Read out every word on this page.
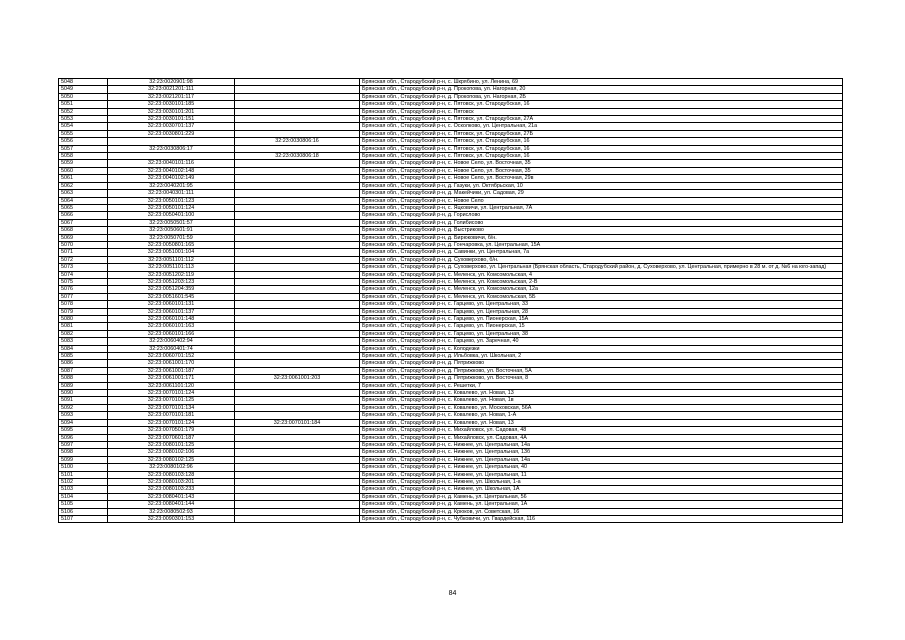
5048	32:23:0020901:98		Брянская обл., Стародубский р-н, с. Шкрябино, ул. Ленина, 69
5049	32:23:0021201:111		Брянская обл., Стародубский р-н, д. Прокопова, ул. Нагорная, 20
5050	32:23:0021201:117		Брянская обл., Стародубский р-н, д. Прокопова, ул. Нагорная, 2Б
5051	32:23:0030101:185		Брянская обл., Стародубский р-н, с. Пятовск, ул. Стародубская, 16
5052	32:23:0030101:201		Брянская обл., Стародубский р-н, с. Пятовск
5053	32:23:0030101:151		Брянская обл., Стародубский р-н, с. Пятовск, ул. Стародубская, 27А
5054	32:23:0030701:137		Брянская обл., Стародубский р-н, с. Осколково, ул. Центральная, 21а
5055	32:23:0030801:229		Брянская обл., Стародубский р-н, с. Пятовск, ул. Стародубская, 27Б
5056		32:23:0030806:16	Брянская обл., Стародубский р-н, с. Пятовск, ул. Стародубская, 16
5057	32:23:0030806:17		Брянская обл., Стародубский р-н, с. Пятовск, ул. Стародубская, 16
5058		32:23:0030806:18	Брянская обл., Стародубский р-н, с. Пятовск, ул. Стародубская, 16
5059	32:23:0040101:116		Брянская обл., Стародубский р-н, с. Новое Село, ул. Восточная, 35
5060	32:23:0040102:148		Брянская обл., Стародубский р-н, с. Новое Село, ул. Восточная, 35
5061	32:23:0040102:149		Брянская обл., Стародубский р-н, с. Новое Село, ул. Восточная, 29в
5062	32:23:0040201:95		Брянская обл., Стародубский р-н, д. Газуки, ул. Октябрьская, 10
5063	32:23:0040301:111		Брянская обл., Стародубский р-н, д. Макейчики, ул. Садовая, 29
5064	32:23:0050101:123		Брянская обл., Стародубский р-н, с. Новое Село
5065	32:23:0050101:124		Брянская обл., Стародубский р-н, с. Яцковичи, ул. Центральная, 7А
5066	32:23:0050401:100		Брянская обл., Стародубский р-н, д. Горислово
5067	32:23:0050501:57		Брянская обл., Стародубский р-н, д. Голибисово
5068	32:23:0050601:91		Брянская обл., Стародубский р-н, д. Выстриково
5069	32:23:0050701:59		Брянская обл., Стародубский р-н, д. Бирюковичи, б/н.
5070	32:23:0050801:165		Брянская обл., Стародубский р-н, д. Гончаровка, ул. Центральная, 15А
5071	32:23:0051001:104		Брянская обл., Стародубский р-н, д. Савинки, ул. Центральная, 7а
5072	32:23:0051101:112		Брянская обл., Стародубский р-н, д. Суховерхово, б/н.
5073	32:23:0051101:113		Брянская обл., Стародубский р-н, д. Суховерхово, ул. Центральная (Брянская область, Стародубский район, д. Суховерхово, ул. Центральная, примерно в 28 м. от д. №6 на юго-запад)
5074	32:23:0051202:119		Брянская обл., Стародубский р-н, с. Меленск, ул. Комсомольская, 4
5075	32:23:0051203:123		Брянская обл., Стародубский р-н, с. Меленск, ул. Комсомольская, 2-В
5076	32:23:0051204:359		Брянская обл., Стародубский р-н, с. Меленск, ул. Комсомольская, 12а
5077	32:23:0051601:545		Брянская обл., Стародубский р-н, с. Меленск, ул. Комсомольская, 5Б
5078	32:23:0060101:131		Брянская обл., Стародубский р-н, с. Гарцево, ул. Центральная, 33
5079	32:23:0060101:137		Брянская обл., Стародубский р-н, с. Гарцево, ул. Центральная, 28
5080	32:23:0060101:148		Брянская обл., Стародубский р-н, с. Гарцево, ул. Пионерская, 15А
5081	32:23:0060101:163		Брянская обл., Стародубский р-н, с. Гарцево, ул. Пионерская, 15
5082	32:23:0060101:166		Брянская обл., Стародубский р-н, с. Гарцево, ул. Центральная, 38
5083	32:23:0060402:94		Брянская обл., Стародубский р-н, с. Гарцево, ул. Заречная, 40
5084	32:23:0060401:74		Брянская обл., Стародубский р-н, с. Колодезки
5085	32:23:0060701:152		Брянская обл., Стародубский р-н, д. Ильбовка, ул. Школьная, 2
5086	32:23:0061001:170		Брянская обл., Стародубский р-н, д. Пятрижково
5087	32:23:0061001:187		Брянская обл., Стародубский р-н, д. Пятрижково, ул. Восточная, 5А
5088	32:23:0061001:171	32:23:0061001:203	Брянская обл., Стародубский р-н, д. Пятрижково, ул. Восточная, 8
5089	32:23:0061101:120		Брянская обл., Стародубский р-н, с. Решетки, 7
5090	32:23:0070101:124		Брянская обл., Стародубский р-н, с. Ковалево, ул. Новая, 13
5091	32:23:0070101:125		Брянская обл., Стародубский р-н, с. Ковалево, ул. Новая, 1в
5092	32:23:0070101:134		Брянская обл., Стародубский р-н, с. Ковалево, ул. Московская, 56А
5093	32:23:0070101:181		Брянская обл., Стародубский р-н, с. Ковалево, ул. Новая, 1-А
5094	32:23:0070101:124	32:23:0070101:184	Брянская обл., Стародубский р-н, с. Ковалево, ул. Новая, 13
5095	32:23:0070501:179		Брянская обл., Стародубский р-н, с. Михайловск, ул. Садовая, 48
5096	32:23:0070601:187		Брянская обл., Стародубский р-н, с. Михайловск, ул. Садовая, 4А
5097	32:23:0080101:125		Брянская обл., Стародубский р-н, с. Нижнее, ул. Центральная, 14а
5098	32:23:0080102:106		Брянская обл., Стародубский р-н, с. Нижнее, ул. Центральная, 13б
5099	32:23:0080102:125		Брянская обл., Стародубский р-н, с. Нижнее, ул. Центральная, 14а
5100	32:23:0080102:96		Брянская обл., Стародубский р-н, с. Нижнее, ул. Центральная, 40
5101	32:23:0080103:128		Брянская обл., Стародубский р-н, с. Нижнее, ул. Центральная, 11
5102	32:23:0080103:201		Брянская обл., Стародубский р-н, с. Нижнее, ул. Школьная, 1-а
5103	32:23:0080103:233		Брянская обл., Стародубский р-н, с. Нижнее, ул. Школьная, 1А
5104	32:23:0080401:143		Брянская обл., Стародубский р-н, д. Камень, ул. Центральная, 56
5105	32:23:0080401:144		Брянская обл., Стародубский р-н, д. Камень, ул. Центральная, 1А
5106	32:23:0080502:93		Брянская обл., Стародубский р-н, д. Крюков, ул. Советская, 16
5107	32:23:0090301:153		Брянская обл., Стародубский р-н, с. Чубковичи, ул. Гвардейская, 116
84
